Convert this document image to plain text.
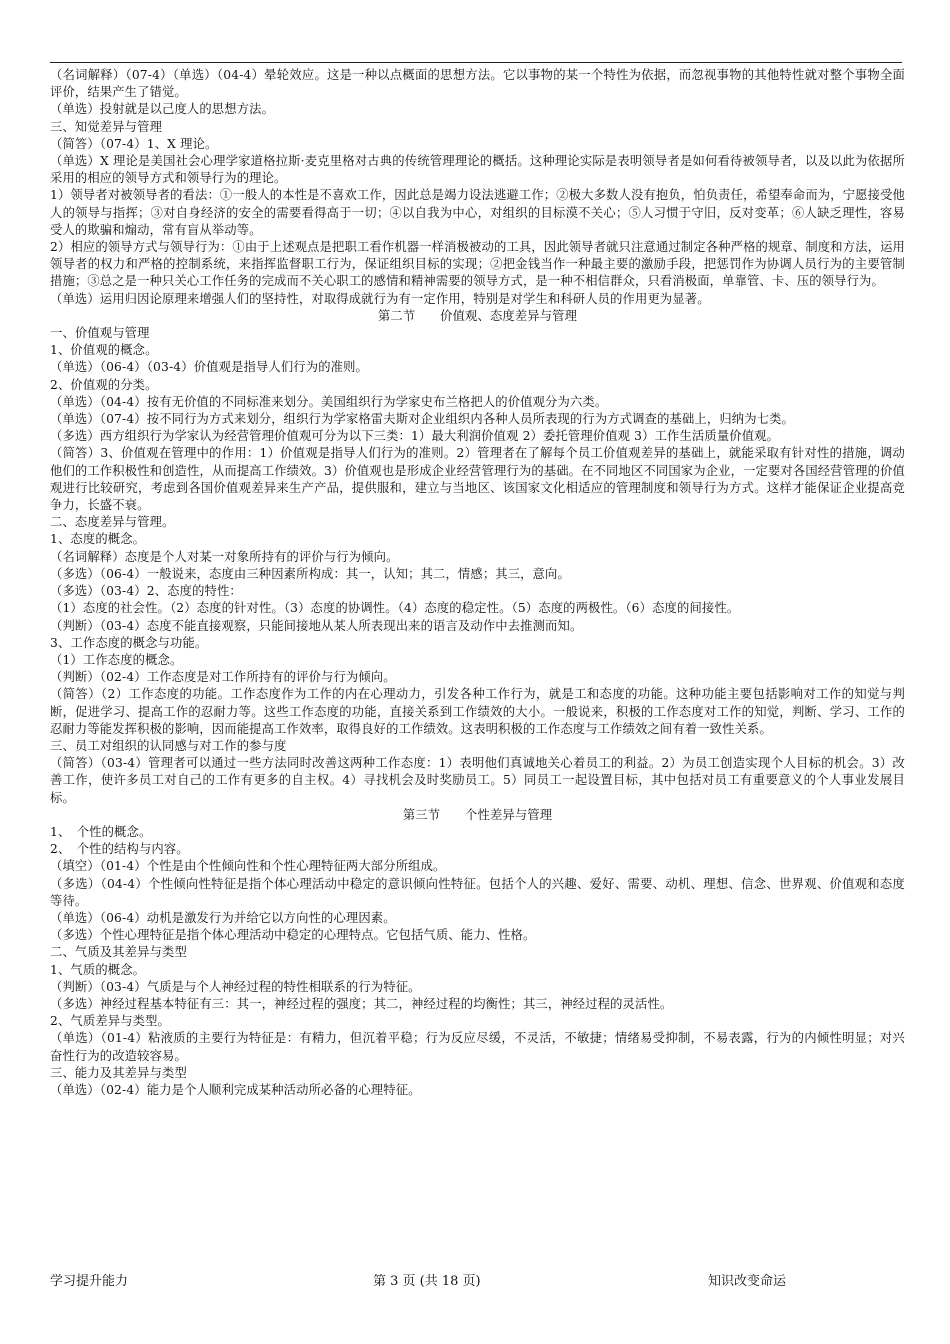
（名词解释）（07-4）（单选）（04-4）晕轮效应。这是一种以点概面的思想方法。它以事物的某一个特性为依据，而忽视事物的其他特性就对整个事物全面评价，结果产生了错觉。

（单选）投射就是以己度人的思想方法。

三、知觉差异与管理

（简答）（07-4）1、X 理论。

（单选）X 理论是美国社会心理学家道格拉斯·麦克里格对古典的传统管理理论的概括。这种理论实际是表明领导者是如何看待被领导者，以及以此为依据所采用的相应的领导方式和领导行为的理论。

1）领导者对被领导者的看法：①一般人的本性是不喜欢工作，因此总是竭力设法逃避工作；②极大多数人没有抱负，怕负责任，希望奉命而为，宁愿接受他人的领导与指挥；③对自身经济的安全的需要看得高于一切；④以自我为中心，对组织的目标漠不关心；⑤人习惯于守旧，反对变革；⑥人缺乏理性，容易受人的欺骗和煽动，常有盲从举动等。

2）相应的领导方式与领导行为：①由于上述观点是把职工看作机器一样消极被动的工具，因此领导者就只注意通过制定各种严格的规章、制度和方法，运用领导者的权力和严格的控制系统，来指挥监督职工行为，保证组织目标的实现；②把金钱当作一种最主要的激励手段，把惩罚作为协调人员行为的主要管制措施；③总之是一种只关心工作任务的完成而不关心职工的感情和精神需要的领导方式，是一种不相信群众，只看消极面，单靠管、卡、压的领导行为。

（单选）运用归因论原理来增强人们的坚持性，对取得成就行为有一定作用，特别是对学生和科研人员的作用更为显著。

第二节　　价值观、态度差异与管理

一、价值观与管理

1、价值观的概念。

（单选）（06-4）（03-4）价值观是指导人们行为的准则。

2、价值观的分类。

（单选）（04-4）按有无价值的不同标准来划分。美国组织行为学家史布兰格把人的价值观分为六类。

（单选）（07-4）按不同行为方式来划分，组织行为学家格雷夫斯对企业组织内各种人员所表现的行为方式调查的基础上，归纳为七类。

（多选）西方组织行为学家认为经营管理价值观可分为以下三类：1）最大利润价值观 2）委托管理价值观 3）工作生活质量价值观。

（简答）3、价值观在管理中的作用：1）价值观是指导人们行为的准则。2）管理者在了解每个员工价值观差异的基础上，就能采取有针对性的措施，调动他们的工作积极性和创造性，从而提高工作绩效。3）价值观也是形成企业经营管理行为的基础。在不同地区不同国家为企业，一定要对各国经营管理的价值观进行比较研究，考虑到各国价值观差异来生产产品，提供服和，建立与当地区、该国家文化相适应的管理制度和领导行为方式。这样才能保证企业提高竞争力，长盛不衰。

二、态度差异与管理。

1、态度的概念。

（名词解释）态度是个人对某一对象所持有的评价与行为倾向。

（多选）（06-4）一般说来，态度由三种因素所构成：其一，认知；其二，情感；其三，意向。

（多选）（03-4）2、态度的特性：

（1）态度的社会性。（2）态度的针对性。（3）态度的协调性。（4）态度的稳定性。（5）态度的两极性。（6）态度的间接性。

（判断）（03-4）态度不能直接观察，只能间接地从某人所表现出来的语言及动作中去推测而知。

3、工作态度的概念与功能。

（1）工作态度的概念。

（判断）（02-4）工作态度是对工作所持有的评价与行为倾向。

（简答）（2）工作态度的功能。工作态度作为工作的内在心理动力，引发各种工作行为，就是工和态度的功能。这种功能主要包括影响对工作的知觉与判断，促进学习、提高工作的忍耐力等。这些工作态度的功能，直接关系到工作绩效的大小。一般说来，积极的工作态度对工作的知觉，判断、学习、工作的忍耐力等能发挥积极的影响，因而能提高工作效率，取得良好的工作绩效。这表明积极的工作态度与工作绩效之间有着一致性关系。

三、员工对组织的认同感与对工作的参与度

（简答）（03-4）管理者可以通过一些方法同时改善这两种工作态度：1）表明他们真诚地关心着员工的利益。2）为员工创造实现个人目标的机会。3）改善工作，使许多员工对自己的工作有更多的自主权。4）寻找机会及时奖励员工。5）同员工一起设置目标，其中包括对员工有重要意义的个人事业发展目标。

第三节　　个性差异与管理

1、　个性的概念。

2、　个性的结构与内容。

（填空）（01-4）个性是由个性倾向性和个性心理特征两大部分所组成。

（多选）（04-4）个性倾向性特征是指个体心理活动中稳定的意识倾向性特征。包括个人的兴趣、爱好、需要、动机、理想、信念、世界观、价值观和态度等待。

（单选）（06-4）动机是激发行为并给它以方向性的心理因素。

（多选）个性心理特征是指个体心理活动中稳定的心理特点。它包括气质、能力、性格。

二、气质及其差异与类型

1、气质的概念。

（判断）（03-4）气质是与个人神经过程的特性相联系的行为特征。

（多选）神经过程基本特征有三：其一，神经过程的强度；其二，神经过程的均衡性；其三，神经过程的灵活性。

2、气质差异与类型。

（单选）（01-4）粘液质的主要行为特征是：有精力，但沉着平稳；行为反应尽缓，不灵活，不敏捷；情绪易受抑制，不易表露，行为的内倾性明显；对兴奋性行为的改造较容易。

三、能力及其差异与类型

（单选）（02-4）能力是个人顺利完成某种活动所必备的心理特征。

学习提升能力	第 3 页 (共 18 页)	知识改变命运
